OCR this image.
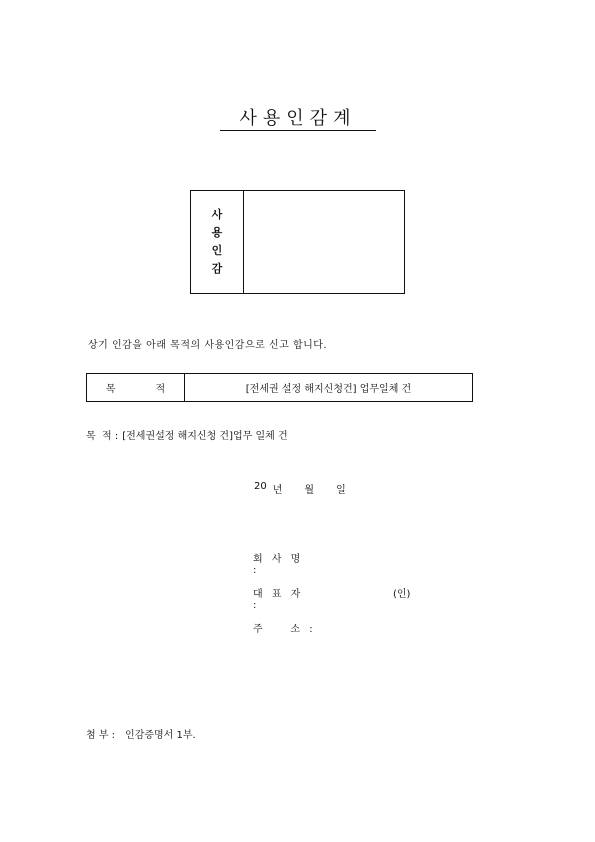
사용인감계
사
용
인
감
상기 인감을 아래 목적의 사용인감으로 신고 합니다.
목	적	[전세권 설정 해지신청건] 업무일체 건
목  적 : [전세권설정 해지신청 건]업무 일체 건
20 년 월 일
회 사 명 :
대 표 자 :
(인)
주    소 :
첨 부 : 인감증명서 1부.
